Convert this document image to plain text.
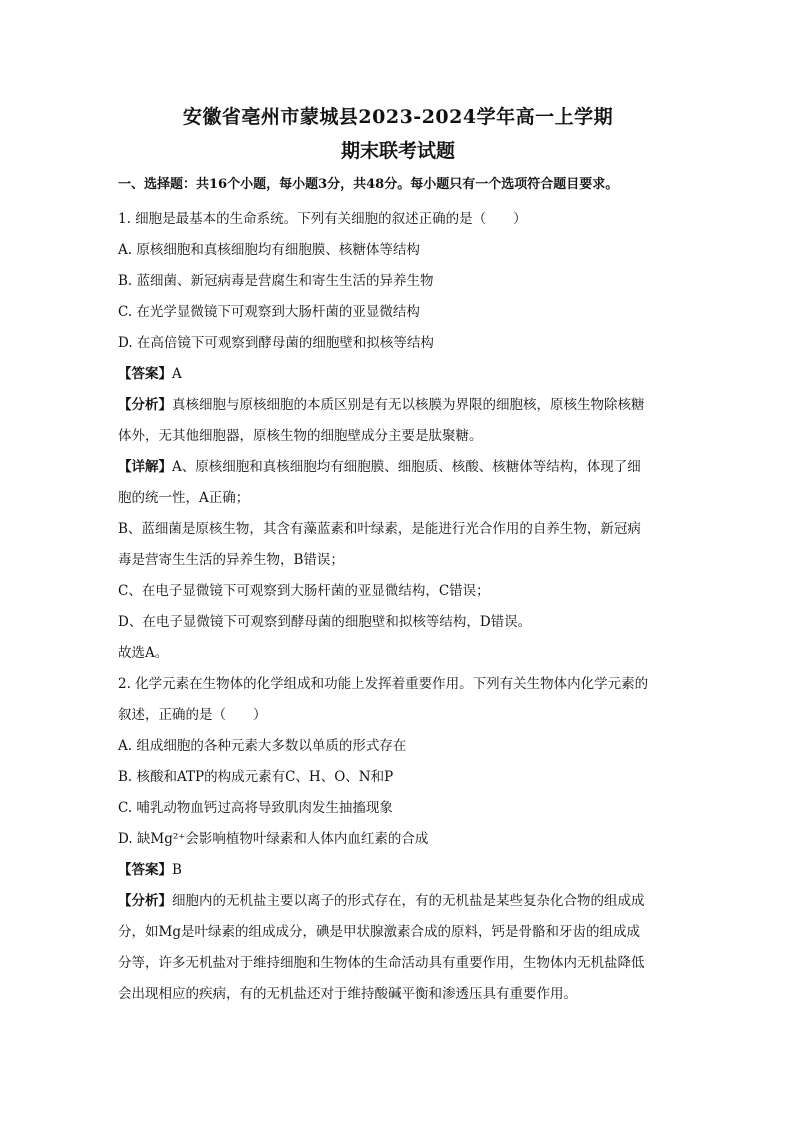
安徽省亳州市蒙城县2023-2024学年高一上学期
期末联考试题
一、选择题：共16个小题，每小题3分，共48分。每小题只有一个选项符合题目要求。
1. 细胞是最基本的生命系统。下列有关细胞的叙述正确的是（　　）
A. 原核细胞和真核细胞均有细胞膜、核糖体等结构
B. 蓝细菌、新冠病毒是营腐生和寄生生活的异养生物
C. 在光学显微镜下可观察到大肠杆菌的亚显微结构
D. 在高倍镜下可观察到酵母菌的细胞壁和拟核等结构
【答案】A
【分析】真核细胞与原核细胞的本质区别是有无以核膜为界限的细胞核，原核生物除核糖
体外，无其他细胞器，原核生物的细胞壁成分主要是肽聚糖。
【详解】A、原核细胞和真核细胞均有细胞膜、细胞质、核酸、核糖体等结构，体现了细
胞的统一性，A正确；
B、蓝细菌是原核生物，其含有藻蓝素和叶绿素，是能进行光合作用的自养生物，新冠病
毒是营寄生生活的异养生物，B错误；
C、在电子显微镜下可观察到大肠杆菌的亚显微结构，C错误；
D、在电子显微镜下可观察到酵母菌的细胞壁和拟核等结构，D错误。
故选A。
2. 化学元素在生物体的化学组成和功能上发挥着重要作用。下列有关生物体内化学元素的
叙述，正确的是（　　）
A. 组成细胞的各种元素大多数以单质的形式存在
B. 核酸和ATP的构成元素有C、H、O、N和P
C. 哺乳动物血钙过高将导致肌肉发生抽搐现象
D. 缺Mg²⁺会影响植物叶绿素和人体内血红素的合成
【答案】B
【分析】细胞内的无机盐主要以离子的形式存在，有的无机盐是某些复杂化合物的组成成
分，如Mg是叶绿素的组成成分，碘是甲状腺激素合成的原料，钙是骨骼和牙齿的组成成
分等，许多无机盐对于维持细胞和生物体的生命活动具有重要作用，生物体内无机盐降低
会出现相应的疾病，有的无机盐还对于维持酸碱平衡和渗透压具有重要作用。
